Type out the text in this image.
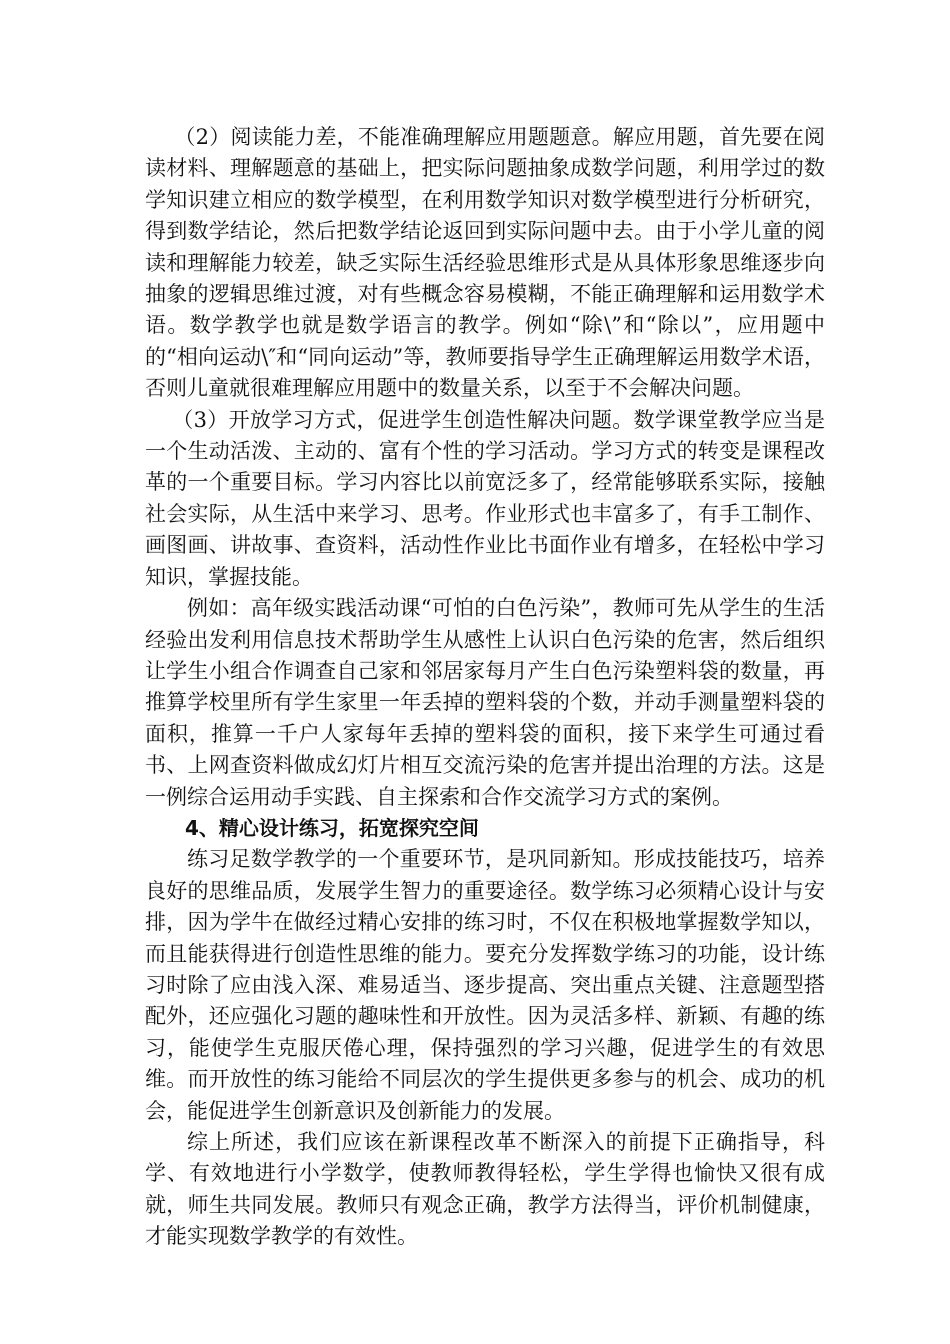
（2）阅读能力差，不能准确理解应用题题意。解应用题，首先要在阅读材料、理解题意的基础上，把实际问题抽象成数学问题，利用学过的数学知识建立相应的数学模型，在利用数学知识对数学模型进行分析研究，得到数学结论，然后把数学结论返回到实际问题中去。由于小学儿童的阅读和理解能力较差，缺乏实际生活经验思维形式是从具体形象思维逐步向抽象的逻辑思维过渡，对有些概念容易模糊，不能正确理解和运用数学术语。数学教学也就是数学语言的教学。例如“除\”和“除以”，应用题中的“相向运动\″和“同向运动”等，教师要指导学生正确理解运用数学术语，否则儿童就很难理解应用题中的数量关系，以至于不会解决问题。

（3）开放学习方式，促进学生创造性解决问题。数学课堂教学应当是一个生动活泼、主动的、富有个性的学习活动。学习方式的转变是课程改革的一个重要目标。学习内容比以前宽泛多了，经常能够联系实际，接触社会实际，从生活中来学习、思考。作业形式也丰富多了，有手工制作、画图画、讲故事、查资料，活动性作业比书面作业有增多，在轻松中学习知识，掌握技能。

例如：高年级实践活动课“可怕的白色污染”，教师可先从学生的生活经验出发利用信息技术帮助学生从感性上认识白色污染的危害，然后组织让学生小组合作调查自己家和邻居家每月产生白色污染塑料袋的数量，再推算学校里所有学生家里一年丢掉的塑料袋的个数，并动手测量塑料袋的面积，推算一千户人家每年丢掉的塑料袋的面积，接下来学生可通过看书、上网查资料做成幻灯片相互交流污染的危害并提出治理的方法。这是一例综合运用动手实践、自主探索和合作交流学习方式的案例。

4、精心设计练习，拓宽探究空间

练习足数学教学的一个重要环节，是巩同新知。形成技能技巧，培养良好的思维品质，发展学生智力的重要途径。数学练习必须精心设计与安排，因为学牛在做经过精心安排的练习时，不仅在积极地掌握数学知以，而且能获得进行创造性思维的能力。要充分发挥数学练习的功能，设计练习时除了应由浅入深、难易适当、逐步提高、突出重点关键、注意题型搭配外，还应强化习题的趣味性和开放性。因为灵活多样、新颖、有趣的练习，能使学生克服厌倦心理，保持强烈的学习兴趣，促进学生的有效思维。而开放性的练习能给不同层次的学生提供更多参与的机会、成功的机会，能促进学生创新意识及创新能力的发展。

综上所述，我们应该在新课程改革不断深入的前提下正确指导，科学、有效地进行小学数学，使教师教得轻松，学生学得也愉快又很有成就，师生共同发展。教师只有观念正确，教学方法得当，评价机制健康，才能实现数学教学的有效性。
